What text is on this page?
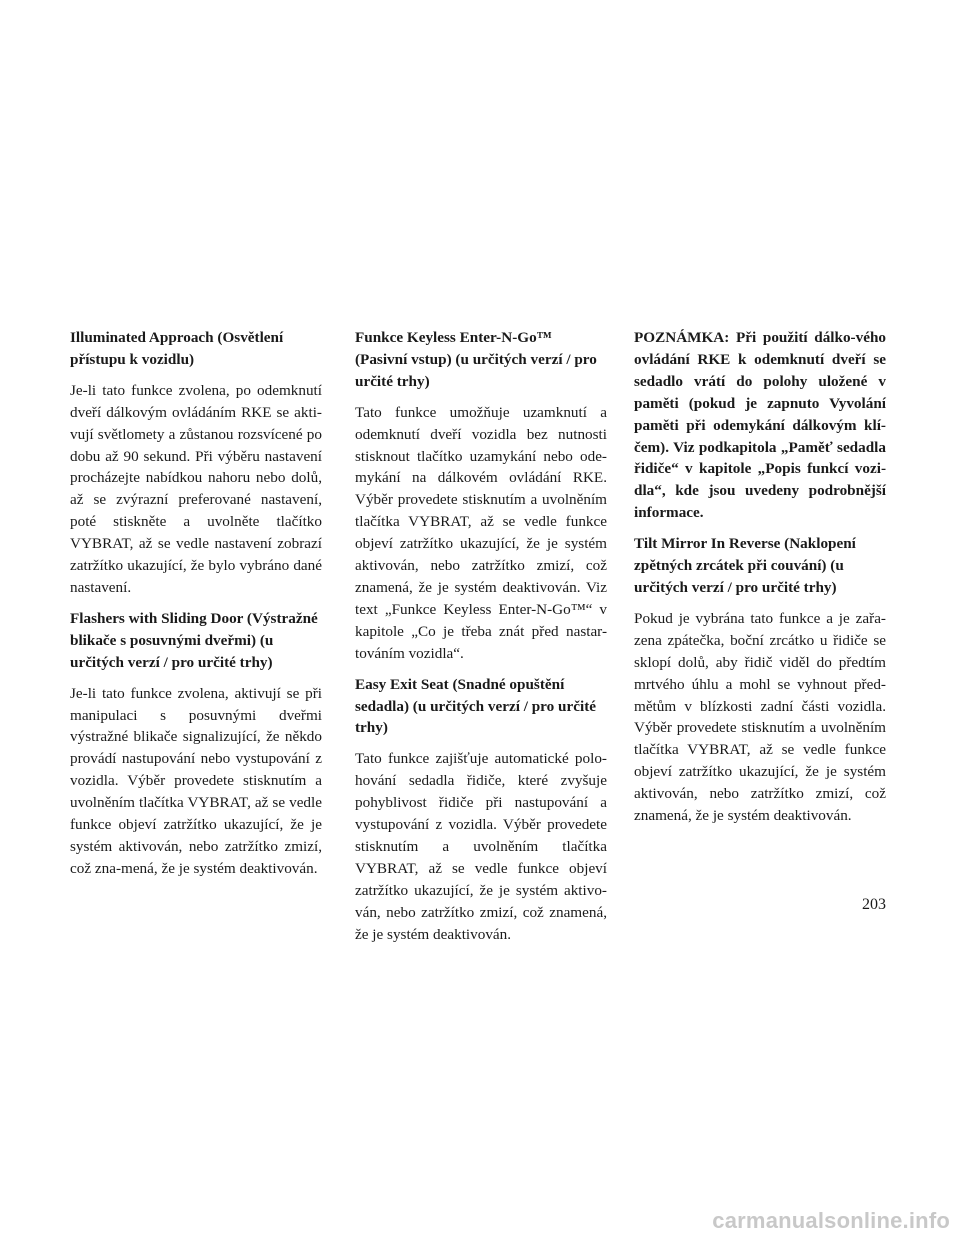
Illuminated Approach (Osvětlení přístupu k vozidlu)
Je-li tato funkce zvolena, po odemknutí dveří dálkovým ovládáním RKE se akti-vují světlomety a zůstanou rozsvícené po dobu až 90 sekund. Při výběru nastavení procházejte nabídkou nahoru nebo dolů, až se zvýrazní preferované nastavení, poté stiskněte a uvolněte tlačítko VYBRAT, až se vedle nastavení zobrazí zatržítko ukazující, že bylo vybráno dané nastavení.
Flashers with Sliding Door (Výstražné blikače s posuvnými dveřmi) (u určitých verzí / pro určité trhy)
Je-li tato funkce zvolena, aktivují se při manipulaci s posuvnými dveřmi výstražné blikače signalizující, že někdo provádí nastupování nebo vystupování z vozidla. Výběr provedete stisknutím a uvolněním tlačítka VYBRAT, až se vedle funkce objeví zatržítko ukazující, že je systém aktivován, nebo zatržítko zmizí, což zna-mená, že je systém deaktivován.
Funkce Keyless Enter-N-Go™ (Pasivní vstup) (u určitých verzí / pro určité trhy)
Tato funkce umožňuje uzamknutí a odemknutí dveří vozidla bez nutnosti stisknout tlačítko uzamykání nebo ode-mykání na dálkovém ovládání RKE. Výběr provedete stisknutím a uvolněním tlačítka VYBRAT, až se vedle funkce objeví zatržítko ukazující, že je systém aktivován, nebo zatržítko zmizí, což znamená, že je systém deaktivován. Viz text „Funkce Keyless Enter-N-Go™“ v kapitole „Co je třeba znát před nastar-továním vozidla“.
Easy Exit Seat (Snadné opuštění sedadla) (u určitých verzí / pro určité trhy)
Tato funkce zajišťuje automatické polo-hování sedadla řidiče, které zvyšuje pohyblivost řidiče při nastupování a vystupování z vozidla. Výběr provedete stisknutím a uvolněním tlačítka VYBRAT, až se vedle funkce objeví zatržítko ukazující, že je systém aktivo-ván, nebo zatržítko zmizí, což znamená, že je systém deaktivován.
POZNÁMKA: Při použití dálko-vého ovládání RKE k odemknutí dveří se sedadlo vrátí do polohy uložené v paměti (pokud je zapnuto Vyvolání paměti při odemykání dálkovým klí-čem). Viz podkapitola „Paměť sedadla řidiče“ v kapitole „Popis funkcí vozi-dla“, kde jsou uvedeny podrobnější informace.
Tilt Mirror In Reverse (Naklopení zpětných zrcátek při couvání) (u určitých verzí / pro určité trhy)
Pokud je vybrána tato funkce a je zařa-zena zpátečka, boční zrcátko u řidiče se sklopí dolů, aby řidič viděl do předtím mrtvého úhlu a mohl se vyhnout před-mětům v blízkosti zadní části vozidla. Výběr provedete stisknutím a uvolněním tlačítka VYBRAT, až se vedle funkce objeví zatržítko ukazující, že je systém aktivován, nebo zatržítko zmizí, což znamená, že je systém deaktivován.
203
carmanualsonline.info
